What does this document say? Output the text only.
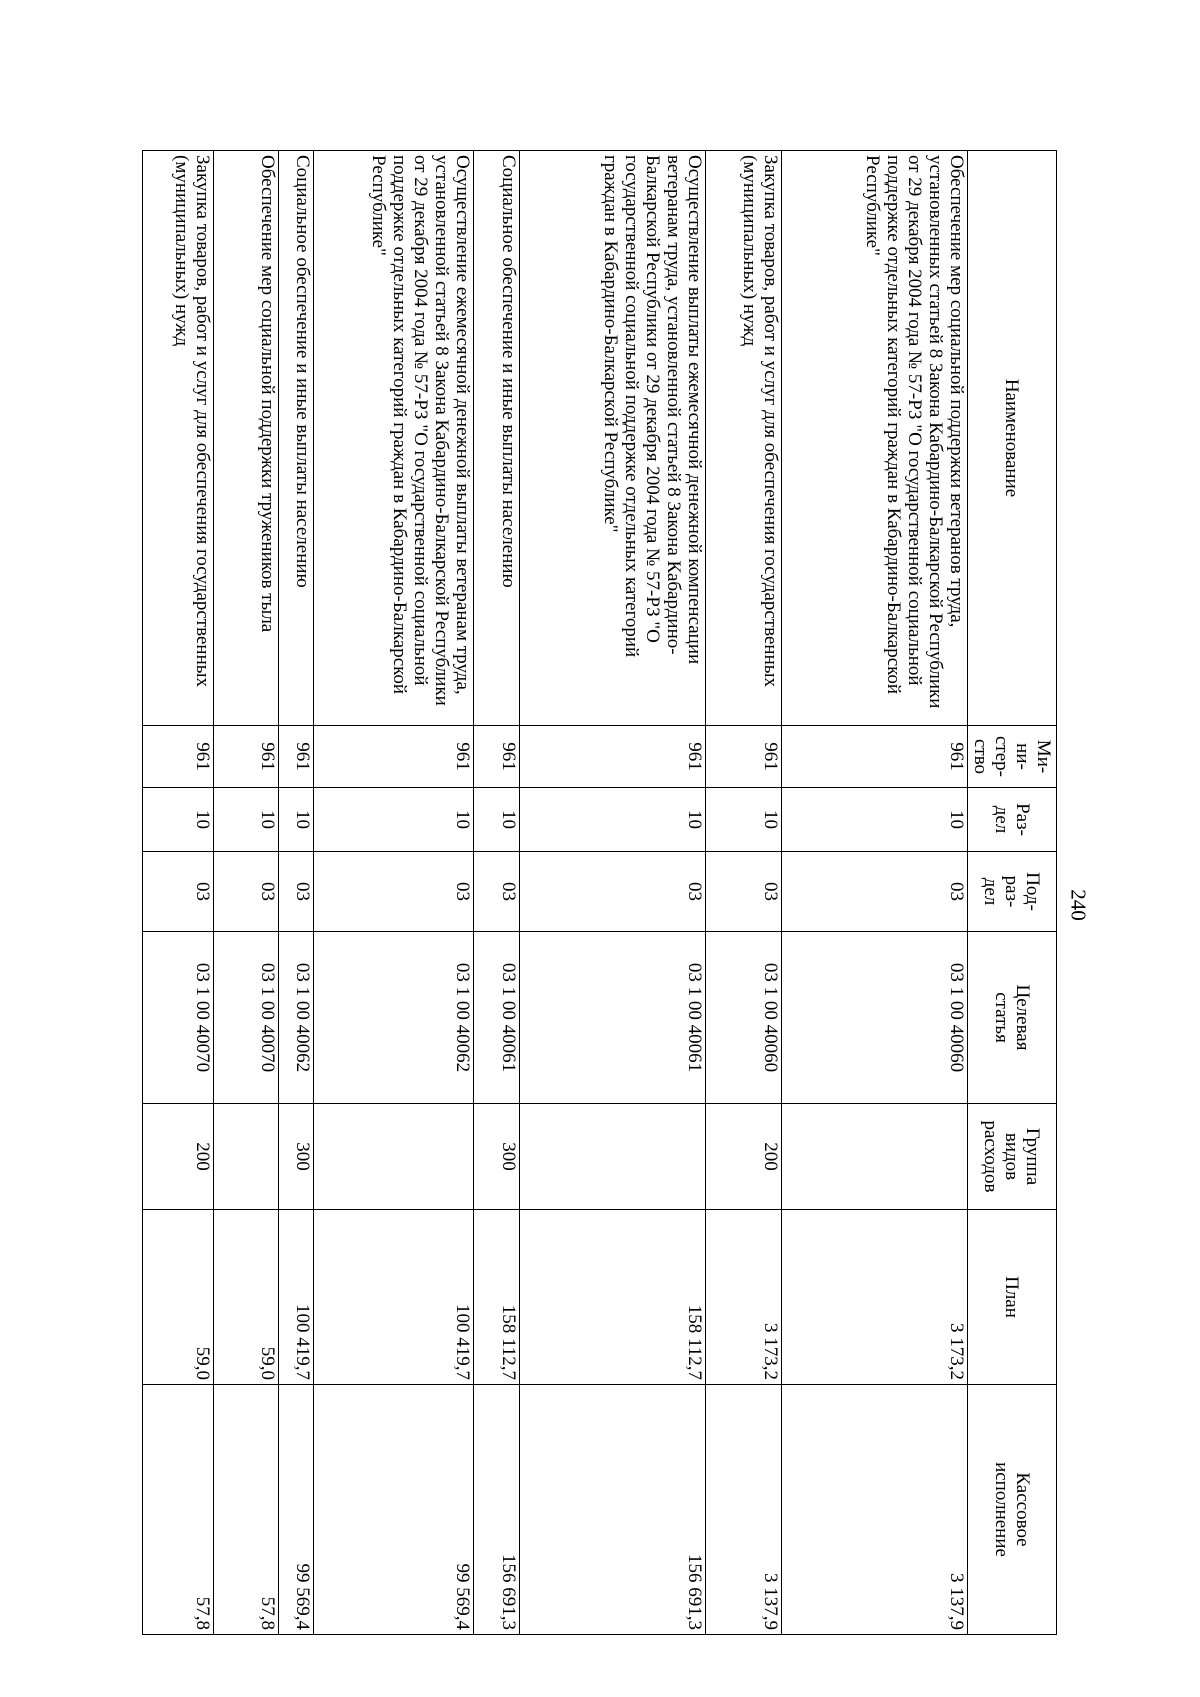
240
Наименование	Ми-
ни-
стер-
ство	Раз-
дел	Под-
раз-
дел	Целевая
статья	Группа
видов
расходов	План	Кассовое
исполнение
Обеспечение мер социальной поддержки ветеранов труда, установленных статьей 8 Закона Кабардино-Балкарской Республики от 29 декабря 2004 года № 57-РЗ "О государственной социальной поддержке отдельных категорий граждан в Кабардино-Балкарской Республике"	961	10	03	03 1 00 40060		3 173,2	3 137,9
Закупка товаров, работ и услуг для обеспечения государственных (муниципальных) нужд	961	10	03	03 1 00 40060	200	3 173,2	3 137,9
Осуществление выплаты ежемесячной денежной компенсации ветеранам труда, установленной статьей 8 Закона Кабардино-Балкарской Республики от 29 декабря 2004 года № 57-РЗ "О государственной социальной поддержке отдельных категорий граждан в Кабардино-Балкарской Республике"	961	10	03	03 1 00 40061		158 112,7	156 691,3
Социальное обеспечение и иные выплаты населению	961	10	03	03 1 00 40061	300	158 112,7	156 691,3
Осуществление ежемесячной денежной выплаты ветеранам труда, установленной статьей 8 Закона Кабардино-Балкарской Республики от 29 декабря 2004 года № 57-РЗ "О государственной социальной поддержке отдельных категорий граждан в Кабардино-Балкарской Республике"	961	10	03	03 1 00 40062		100 419,7	99 569,4
Социальное обеспечение и иные выплаты населению	961	10	03	03 1 00 40062	300	100 419,7	99 569,4
Обеспечение мер социальной поддержки тружеников тыла	961	10	03	03 1 00 40070		59,0	57,8
Закупка товаров, работ и услуг для обеспечения государственных (муниципальных) нужд	961	10	03	03 1 00 40070	200	59,0	57,8
